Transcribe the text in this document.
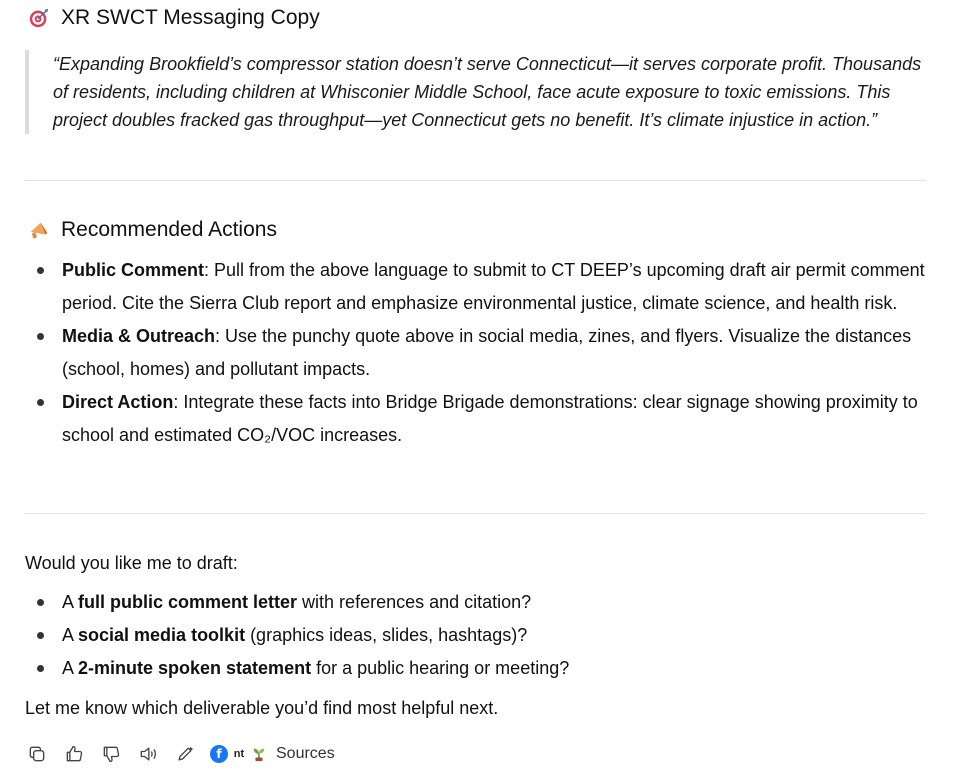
XR SWCT Messaging Copy
“Expanding Brookfield’s compressor station doesn’t serve Connecticut—it serves corporate profit. Thousands of residents, including children at Whisconier Middle School, face acute exposure to toxic emissions. This project doubles fracked gas throughput—yet Connecticut gets no benefit. It’s climate injustice in action.”
Recommended Actions
Public Comment: Pull from the above language to submit to CT DEEP’s upcoming draft air permit comment period. Cite the Sierra Club report and emphasize environmental justice, climate science, and health risk.
Media & Outreach: Use the punchy quote above in social media, zines, and flyers. Visualize the distances (school, homes) and pollutant impacts.
Direct Action: Integrate these facts into Bridge Brigade demonstrations: clear signage showing proximity to school and estimated CO₂/VOC increases.
Would you like me to draft:
A full public comment letter with references and citation?
A social media toolkit (graphics ideas, slides, hashtags)?
A 2-minute spoken statement for a public hearing or meeting?
Let me know which deliverable you’d find most helpful next.
f	nt Sources
